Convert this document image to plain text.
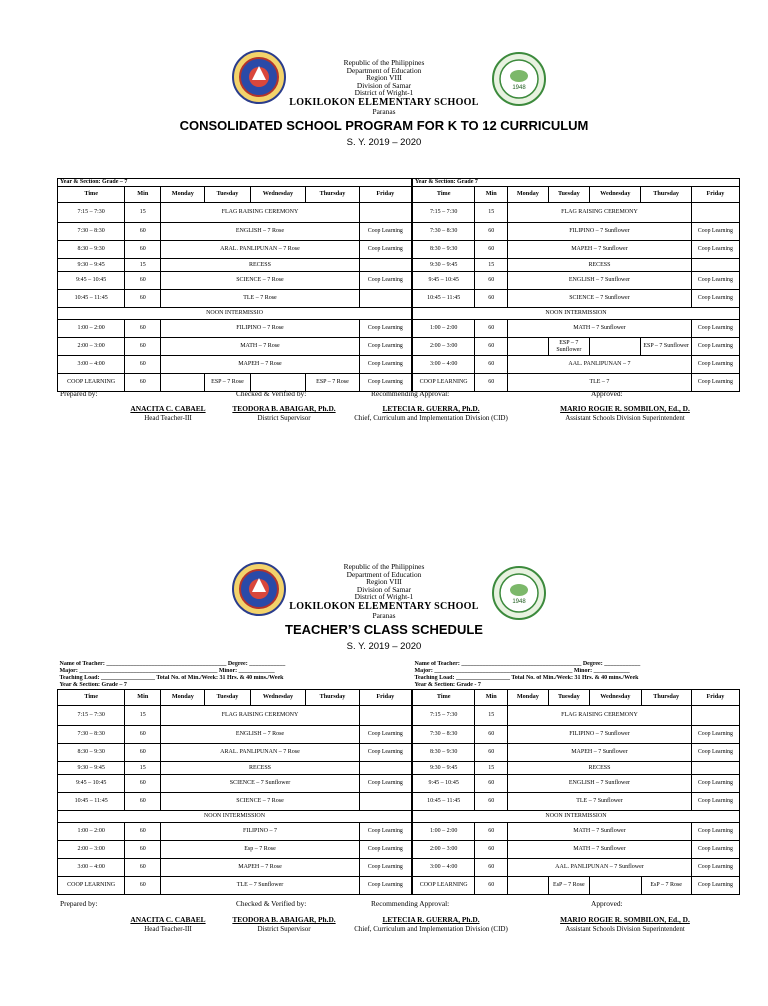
1948
Republic of the Philippines
Department of Education
Region VIII
Division of Samar
District of Wright-1
LOKILOKON ELEMENTARY SCHOOL
Paranas
CONSOLIDATED SCHOOL PROGRAM FOR K TO 12 CURRICULUM
S. Y. 2019 – 2020
Year & Section: Grade – 7						
Time	Min	Monday	Tuesday	Wednesday	Thursday	Friday
7:15 – 7:30	15	FLAG RAISING CEREMONY				
7:30 – 8:30	60	ENGLISH – 7 Rose				Coop Learning
8:30 – 9:30	60	ARAL. PANLIPUNAN – 7 Rose				Coop Learning
9:30 – 9:45	15	RECESS				
9:45 – 10:45	60	SCIENCE – 7 Rose				Coop Learning
10:45 – 11:45	60	TLE – 7 Rose				
NOON INTERMISSIO						
1:00 – 2:00	60	FILIPINO – 7 Rose				Coop Learning
2:00 – 3:00	60	MATH – 7 Rose				Coop Learning
3:00 – 4:00	60	MAPEH – 7 Rose				Coop Learning
COOP LEARNING	60		ESP – 7 Rose		ESP – 7 Rose	Coop Learning
Year & Section: Grade 7						
Time	Min	Monday	Tuesday	Wednesday	Thursday	Friday
7:15 – 7:30	15	FLAG RAISING CEREMONY				
7:30 – 8:30	60	FILIPINO – 7 Sunflower				Coop Learning
8:30 – 9:30	60	MAPEH – 7 Sunflower				Coop Learning
9:30 – 9:45	15	RECESS				
9:45 – 10:45	60	ENGLISH – 7 Sunflower				Coop Learning
10:45 – 11:45	60	SCIENCE – 7 Sunflower				Coop Learning
NOON INTERMISSION						
1:00 – 2:00	60	MATH – 7 Sunflower				Coop Learning
2:00 – 3:00	60		ESP – 7 Sunflower		ESP – 7 Sunflower	Coop Learning
3:00 – 4:00	60	AAL. PANLIPUNAN – 7				Coop Learning
COOP LEARNING	60	TLE – 7				Coop Learning
Prepared by:	Checked & Verified by:	Recommending Approval:	Approved:
ANACITA C. CABAEL
Head Teacher-III
TEODORA B. ABAIGAR, Ph.D.
District Supervisor
LETECIA R. GUERRA, Ph.D.
Chief, Curriculum and Implementation Division (CID)
MARIO ROGIE R. SOMBILON, Ed., D.
Assistant Schools Division Superintendent
1948
Republic of the Philippines
Department of Education
Region VIII
Division of Samar
District of Wright-1
LOKILOKON ELEMENTARY SCHOOL
Paranas
TEACHER’S CLASS SCHEDULE
S. Y. 2019 – 2020
Name of Teacher: ________________________________________ Degree: ____________						
Major: ______________________________________________ Minor: ____________						
Teaching Load: __________________ Total No. of Min./Week: 31 Hrs. & 40 mins./Week						
Year & Section: Grade – 7						
Time	Min	Monday	Tuesday	Wednesday	Thursday	Friday
7:15 – 7:30	15	FLAG RAISING CEREMONY				
7:30 – 8:30	60	ENGLISH – 7 Rose				Coop Learning
8:30 – 9:30	60	ARAL. PANLIPUNAN – 7 Rose				Coop Learning
9:30 – 9:45	15	RECESS				
9:45 – 10:45	60	SCIENCE – 7 Sunflower				Coop Learning
10:45 – 11:45	60	SCIENCE – 7 Rose				
NOON INTERMISSION						
1:00 – 2:00	60	FILIPINO – 7				Coop Learning
2:00 – 3:00	60	Esp – 7 Rose				Coop Learning
3:00 – 4:00	60	MAPEH – 7 Rose				Coop Learning
COOP LEARNING	60	TLE – 7 Sunflower				Coop Learning
Name of Teacher: ________________________________________ Degree: ____________						
Major: ______________________________________________ Minor: ____________						
Teaching Load: __________________ Total No. of Min./Week: 31 Hrs. & 40 mins./Week						
Year & Section: Grade - 7						
Time	Min	Monday	Tuesday	Wednesday	Thursday	Friday
7:15 – 7:30	15	FLAG RAISING CEREMONY				
7:30 – 8:30	60	FILIPINO – 7 Sunflower				Coop Learning
8:30 – 9:30	60	MAPEH – 7 Sunflower				Coop Learning
9:30 – 9:45	15	RECESS				
9:45 – 10:45	60	ENGLISH – 7 Sunflower				Coop Learning
10:45 – 11:45	60	TLE – 7 Sunflower				Coop Learning
NOON INTERMISSION						
1:00 – 2:00	60	MATH – 7 Sunflower				Coop Learning
2:00 – 3:00	60	MATH – 7 Sunflower				Coop Learning
3:00 – 4:00	60	AAL. PANLIPUNAN – 7 Sunflower				Coop Learning
COOP LEARNING	60		EsP – 7 Rose		EsP – 7 Rose	Coop Learning
Prepared by:	Checked & Verified by:	Recommending Approval:	Approved:
ANACITA C. CABAEL
Head Teacher-III
TEODORA B. ABAIGAR, Ph.D.
District Supervisor
LETECIA R. GUERRA, Ph.D.
Chief, Curriculum and Implementation Division (CID)
MARIO ROGIE R. SOMBILON, Ed., D.
Assistant Schools Division Superintendent
